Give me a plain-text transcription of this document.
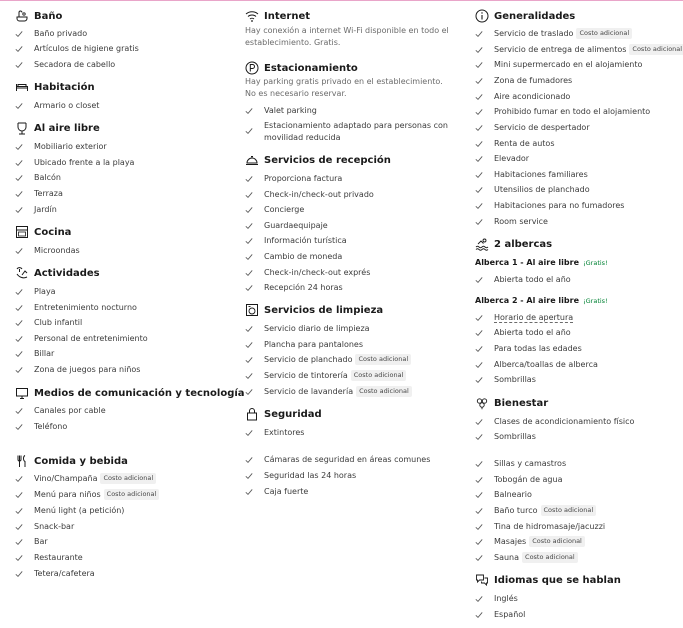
Baño
Baño privado
Artículos de higiene gratis
Secadora de cabello
Habitación
Armario o closet
Al aire libre
Mobiliario exterior
Ubicado frente a la playa
Balcón
Terraza
Jardín
Cocina
Microondas
Actividades
Playa
Entretenimiento nocturno
Club infantil
Personal de entretenimiento
Billar
Zona de juegos para niños
Medios de comunicación y tecnología
Canales por cable
Teléfono
Comida y bebida
Vino/Champaña Costo adicional
Menú para niños Costo adicional
Menú light (a petición)
Snack-bar
Bar
Restaurante
Tetera/cafetera
Internet
Hay conexión a internet Wi-Fi disponible en todo el establecimiento. Gratis.
Estacionamiento
Hay parking gratis privado en el establecimiento. No es necesario reservar.
Valet parking
Estacionamiento adaptado para personas con movilidad reducida
Servicios de recepción
Proporciona factura
Check-in/check-out privado
Concierge
Guardaequipaje
Información turística
Cambio de moneda
Check-in/check-out exprés
Recepción 24 horas
Servicios de limpieza
Servicio diario de limpieza
Plancha para pantalones
Servicio de planchado Costo adicional
Servicio de tintorería Costo adicional
Servicio de lavandería Costo adicional
Seguridad
Extintores
Cámaras de seguridad en áreas comunes
Seguridad las 24 horas
Caja fuerte
Generalidades
Servicio de traslado Costo adicional
Servicio de entrega de alimentos Costo adicional
Mini supermercado en el alojamiento
Zona de fumadores
Aire acondicionado
Prohibido fumar en todo el alojamiento
Servicio de despertador
Renta de autos
Elevador
Habitaciones familiares
Utensilios de planchado
Habitaciones para no fumadores
Room service
2 albercas
Alberca 1 - Al aire libre ¡Gratis!
Abierta todo el año
Alberca 2 - Al aire libre ¡Gratis!
Horario de apertura
Abierta todo el año
Para todas las edades
Alberca/toallas de alberca
Sombrillas
Bienestar
Clases de acondicionamiento físico
Sombrillas
Sillas y camastros
Tobogán de agua
Balneario
Baño turco Costo adicional
Tina de hidromasaje/jacuzzi
Masajes Costo adicional
Sauna Costo adicional
Idiomas que se hablan
Inglés
Español
